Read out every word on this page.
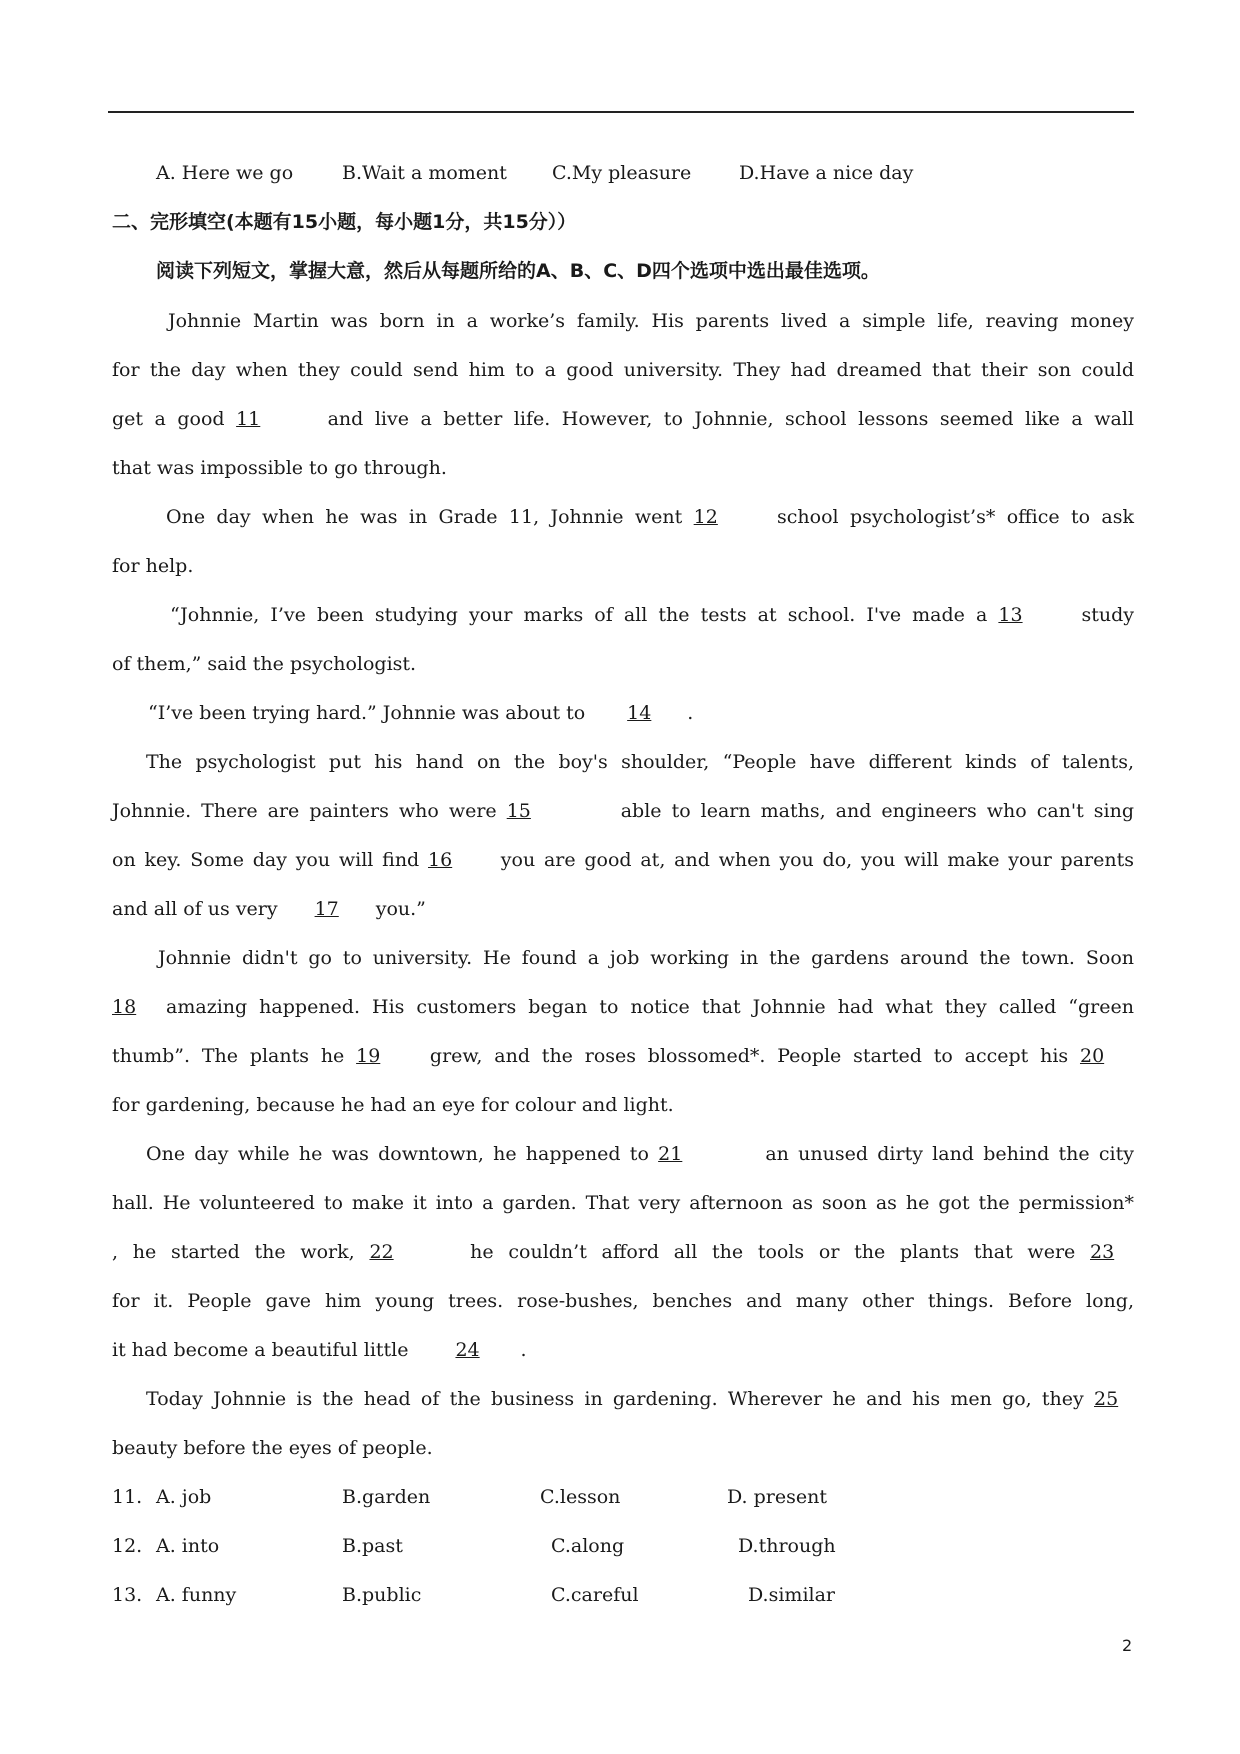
A. Here we go	B.Wait a moment C.My pleasure	D.Have a nice day
二、完形填空(本题有15小题，每小题1分，共15分））
阅读下列短文，掌握大意，然后从每题所给的A、B、C、D四个选项中选出最佳选项。
Johnnie Martin was born in a worke’s family. His parents lived a simple life, reaving money
for the day when they could send him to a good university. They had dreamed that their son could
get a good 11	and live a better life. However, to Johnnie, school lessons seemed like a wall
that was impossible to go through.
One day when he was in Grade 11, Johnnie went 12	school psychologist’s* office to ask
for help.
“Johnnie, I’ve been studying your marks of all the tests at school. I've made a 13	study
of them,” said the psychologist.
“I’ve been trying hard.” Johnnie was about to 14 .
The psychologist put his hand on the boy's shoulder, “People have different kinds of talents,
Johnnie. There are painters who were 15	able to learn maths, and engineers who can't sing
on key. Some day you will find 16	you are good at, and when you do, you will make your parents
and all of us very 17 you.”
Johnnie didn't go to university. He found a job working in the gardens around the town. Soon
18 amazing happened. His customers began to notice that Johnnie had what they called “green
thumb”. The plants he 19	grew, and the roses blossomed*. People started to accept his 20
for gardening, because he had an eye for colour and light.
One day while he was downtown, he happened to 21	an unused dirty land behind the city
hall. He volunteered to make it into a garden. That very afternoon as soon as he got the permission*
, he started the work, 22	he couldn’t afford all the tools or the plants that were 23
for it. People gave him young trees. rose-bushes, benches and many other things. Before long,
it had become a beautiful little 24 .
Today Johnnie is the head of the business in gardening. Wherever he and his men go, they 25
beauty before the eyes of people.
11. A. job	B.garden	C.lesson	D. present
12. A. into	B.past	C.along	D.through
13. A. funny	B.public	C.careful	D.similar
2
